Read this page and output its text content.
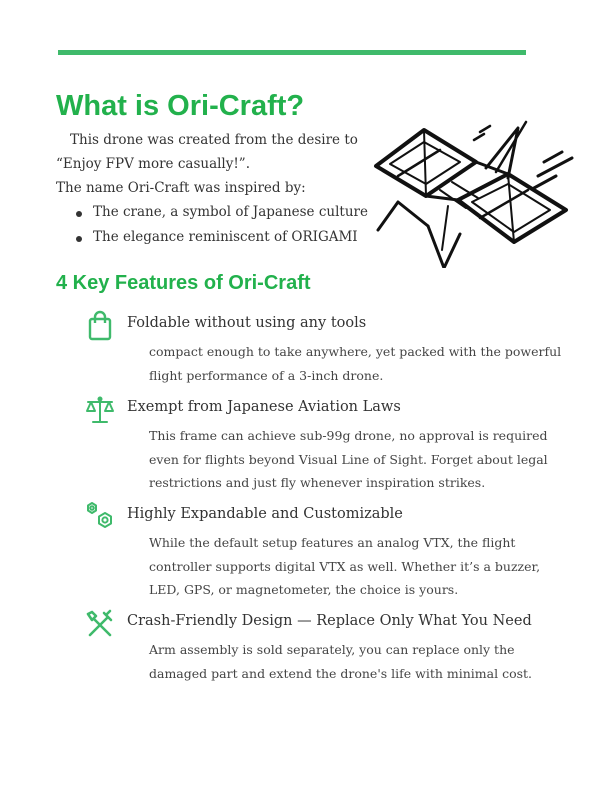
What is Ori-Craft?
This drone was created from the desire to
“Enjoy FPV more casually!”.
The name Ori-Craft was inspired by:
The crane, a symbol of Japanese culture
The elegance reminiscent of ORIGAMI
4 Key Features of Ori-Craft
Foldable without using any tools
compact enough to take anywhere, yet packed with the powerful
flight performance of a 3-inch drone.
Exempt from Japanese Aviation Laws
This frame can achieve sub-99g drone, no approval is required
even for flights beyond Visual Line of Sight. Forget about legal
restrictions and just fly whenever inspiration strikes.
Highly Expandable and Customizable
While the default setup features an analog VTX, the flight
controller supports digital VTX as well. Whether it’s a buzzer,
LED, GPS, or magnetometer, the choice is yours.
Crash-Friendly Design — Replace Only What You Need
Arm assembly is sold separately, you can replace only the
damaged part and extend the drone's life with minimal cost.
